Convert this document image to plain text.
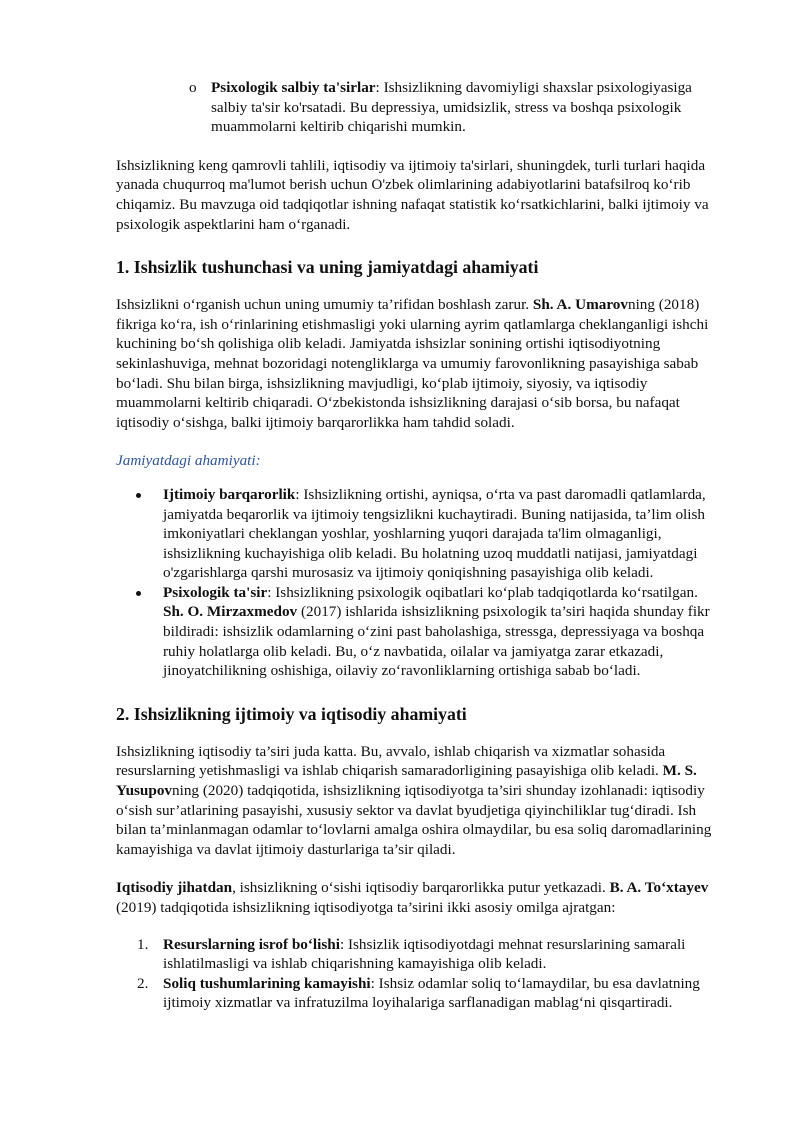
o Psixologik salbiy ta'sirlar: Ishsizlikning davomiyligi shaxslar psixologiyasiga salbiy ta'sir ko'rsatadi. Bu depressiya, umidsizlik, stress va boshqa psixologik muammolarni keltirib chiqarishi mumkin.

Ishsizlikning keng qamrovli tahlili, iqtisodiy va ijtimoiy ta'sirlari, shuningdek, turli turlari haqida yanada chuqurroq ma'lumot berish uchun O'zbek olimlarining adabiyotlarini batafsilroq ko‘rib chiqamiz. Bu mavzuga oid tadqiqotlar ishning nafaqat statistik ko‘rsatkichlarini, balki ijtimoiy va psixologik aspektlarini ham o‘rganadi.

1. Ishsizlik tushunchasi va uning jamiyatdagi ahamiyati

Ishsizlikni o‘rganish uchun uning umumiy ta’rifidan boshlash zarur. Sh. A. Umarovning (2018) fikriga ko‘ra, ish o‘rinlarining etishmasligi yoki ularning ayrim qatlamlarga cheklanganligi ishchi kuchining bo‘sh qolishiga olib keladi. Jamiyatda ishsizlar sonining ortishi iqtisodiyotning sekinlashuviga, mehnat bozoridagi notengliklarga va umumiy farovonlikning pasayishiga sabab bo‘ladi. Shu bilan birga, ishsizlikning mavjudligi, ko‘plab ijtimoiy, siyosiy, va iqtisodiy muammolarni keltirib chiqaradi. O‘zbekistonda ishsizlikning darajasi o‘sib borsa, bu nafaqat iqtisodiy o‘sishga, balki ijtimoiy barqarorlikka ham tahdid soladi.

Jamiyatdagi ahamiyati:

Ijtimoiy barqarorlik: Ishsizlikning ortishi, ayniqsa, o‘rta va past daromadli qatlamlarda, jamiyatda beqarorlik va ijtimoiy tengsizlikni kuchaytiradi. Buning natijasida, ta’lim olish imkoniyatlari cheklangan yoshlar, yoshlarning yuqori darajada ta'lim olmaganligi, ishsizlikning kuchayishiga olib keladi. Bu holatning uzoq muddatli natijasi, jamiyatdagi o'zgarishlarga qarshi murosasiz va ijtimoiy qoniqishning pasayishiga olib keladi.
Psixologik ta'sir: Ishsizlikning psixologik oqibatlari ko‘plab tadqiqotlarda ko‘rsatilgan. Sh. O. Mirzaxmedov (2017) ishlarida ishsizlikning psixologik ta’siri haqida shunday fikr bildiradi: ishsizlik odamlarning o‘zini past baholashiga, stressga, depressiyaga va boshqa ruhiy holatlarga olib keladi. Bu, o‘z navbatida, oilalar va jamiyatga zarar etkazadi, jinoyatchilikning oshishiga, oilaviy zo‘ravonliklarning ortishiga sabab bo‘ladi.
2. Ishsizlikning ijtimoiy va iqtisodiy ahamiyati

Ishsizlikning iqtisodiy ta’siri juda katta. Bu, avvalo, ishlab chiqarish va xizmatlar sohasida resurslarning yetishmasligi va ishlab chiqarish samaradorligining pasayishiga olib keladi. M. S. Yusupovning (2020) tadqiqotida, ishsizlikning iqtisodiyotga ta’siri shunday izohlanadi: iqtisodiy o‘sish sur’atlarining pasayishi, xususiy sektor va davlat byudjetiga qiyinchiliklar tug‘diradi. Ish bilan ta’minlanmagan odamlar to‘lovlarni amalga oshira olmaydilar, bu esa soliq daromadlarining kamayishiga va davlat ijtimoiy dasturlariga ta’sir qiladi.

Iqtisodiy jihatdan, ishsizlikning o‘sishi iqtisodiy barqarorlikka putur yetkazadi. B. A. To‘xtayev (2019) tadqiqotida ishsizlikning iqtisodiyotga ta’sirini ikki asosiy omilga ajratgan:

1. Resurslarning isrof bo‘lishi: Ishsizlik iqtisodiyotdagi mehnat resurslarining samarali ishlatilmasligi va ishlab chiqarishning kamayishiga olib keladi.
2. Soliq tushumlarining kamayishi: Ishsiz odamlar soliq to‘lamaydilar, bu esa davlatning ijtimoiy xizmatlar va infratuzilma loyihalariga sarflanadigan mablag‘ni qisqartiradi.
